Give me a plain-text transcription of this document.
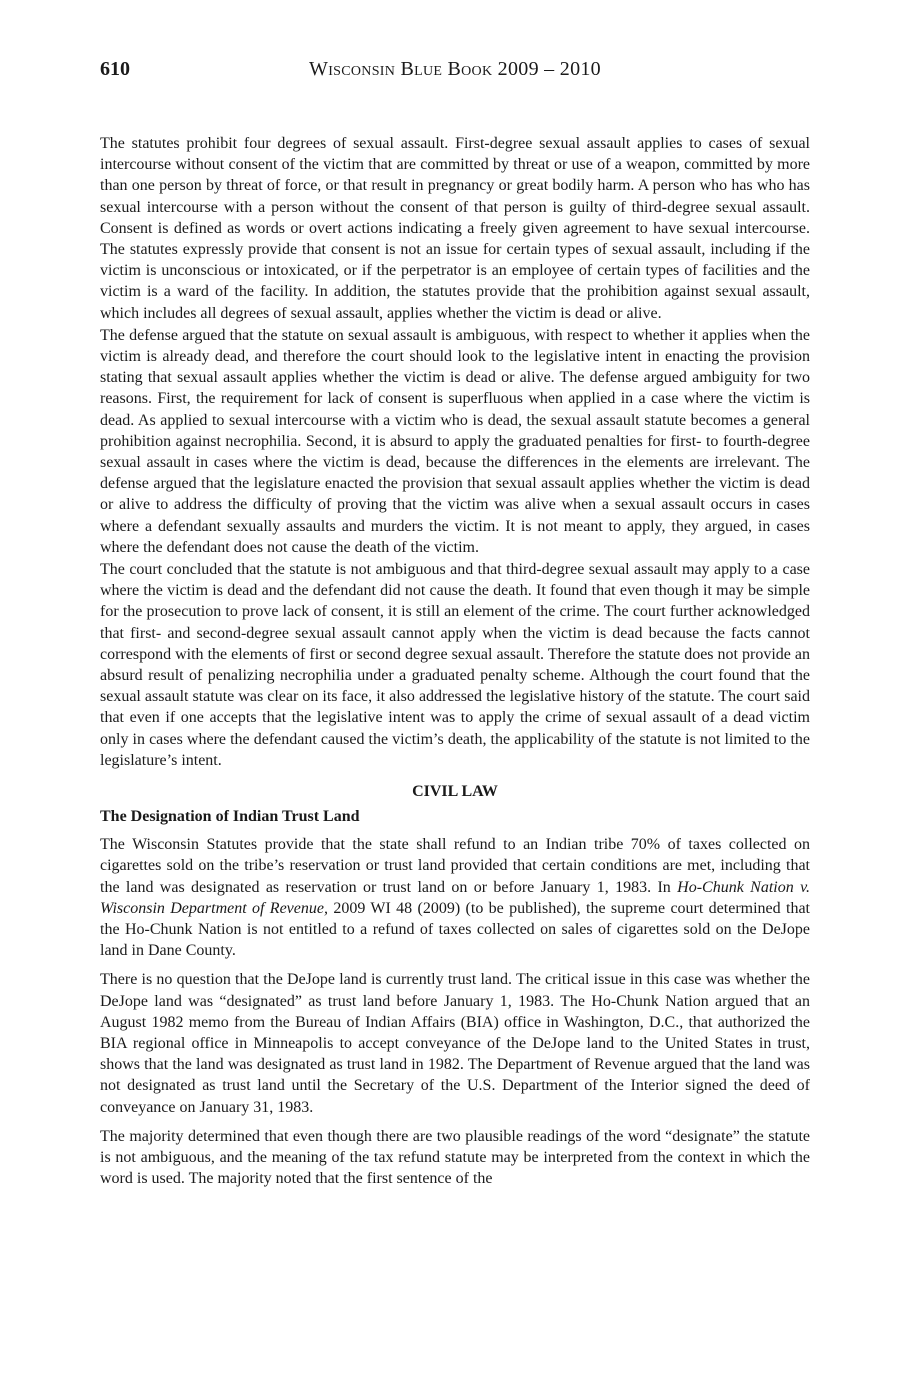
610	Wisconsin Blue Book 2009 – 2010

The statutes prohibit four degrees of sexual assault. First-degree sexual assault applies to cases of sexual intercourse without consent of the victim that are committed by threat or use of a weapon, committed by more than one person by threat of force, or that result in pregnancy or great bodily harm. A person who has who has sexual intercourse with a person without the consent of that person is guilty of third-degree sexual assault. Consent is defined as words or overt actions indicating a freely given agreement to have sexual intercourse. The statutes expressly provide that consent is not an issue for certain types of sexual assault, including if the victim is unconscious or intoxicated, or if the perpetrator is an employee of certain types of facilities and the victim is a ward of the facility. In addition, the statutes provide that the prohibition against sexual assault, which includes all degrees of sexual assault, applies whether the victim is dead or alive.

The defense argued that the statute on sexual assault is ambiguous, with respect to whether it applies when the victim is already dead, and therefore the court should look to the legislative intent in enacting the provision stating that sexual assault applies whether the victim is dead or alive. The defense argued ambiguity for two reasons. First, the requirement for lack of consent is superfluous when applied in a case where the victim is dead. As applied to sexual intercourse with a victim who is dead, the sexual assault statute becomes a general prohibition against necrophilia. Second, it is absurd to apply the graduated penalties for first- to fourth-degree sexual assault in cases where the victim is dead, because the differences in the elements are irrelevant. The defense argued that the legislature enacted the provision that sexual assault applies whether the victim is dead or alive to address the difficulty of proving that the victim was alive when a sexual assault occurs in cases where a defendant sexually assaults and murders the victim. It is not meant to apply, they argued, in cases where the defendant does not cause the death of the victim.

The court concluded that the statute is not ambiguous and that third-degree sexual assault may apply to a case where the victim is dead and the defendant did not cause the death. It found that even though it may be simple for the prosecution to prove lack of consent, it is still an element of the crime. The court further acknowledged that first- and second-degree sexual assault cannot apply when the victim is dead because the facts cannot correspond with the elements of first or second degree sexual assault. Therefore the statute does not provide an absurd result of penalizing necrophilia under a graduated penalty scheme. Although the court found that the sexual assault statute was clear on its face, it also addressed the legislative history of the statute. The court said that even if one accepts that the legislative intent was to apply the crime of sexual assault of a dead victim only in cases where the defendant caused the victim’s death, the applicability of the statute is not limited to the legislature’s intent.

CIVIL LAW
The Designation of Indian Trust Land

The Wisconsin Statutes provide that the state shall refund to an Indian tribe 70% of taxes collected on cigarettes sold on the tribe’s reservation or trust land provided that certain conditions are met, including that the land was designated as reservation or trust land on or before January 1, 1983. In Ho-Chunk Nation v. Wisconsin Department of Revenue, 2009 WI 48 (2009) (to be published), the supreme court determined that the Ho-Chunk Nation is not entitled to a refund of taxes collected on sales of cigarettes sold on the DeJope land in Dane County.

There is no question that the DeJope land is currently trust land. The critical issue in this case was whether the DeJope land was “designated” as trust land before January 1, 1983. The Ho-Chunk Nation argued that an August 1982 memo from the Bureau of Indian Affairs (BIA) office in Washington, D.C., that authorized the BIA regional office in Minneapolis to accept conveyance of the DeJope land to the United States in trust, shows that the land was designated as trust land in 1982. The Department of Revenue argued that the land was not designated as trust land until the Secretary of the U.S. Department of the Interior signed the deed of conveyance on January 31, 1983.

The majority determined that even though there are two plausible readings of the word “designate” the statute is not ambiguous, and the meaning of the tax refund statute may be interpreted from the context in which the word is used. The majority noted that the first sentence of the
